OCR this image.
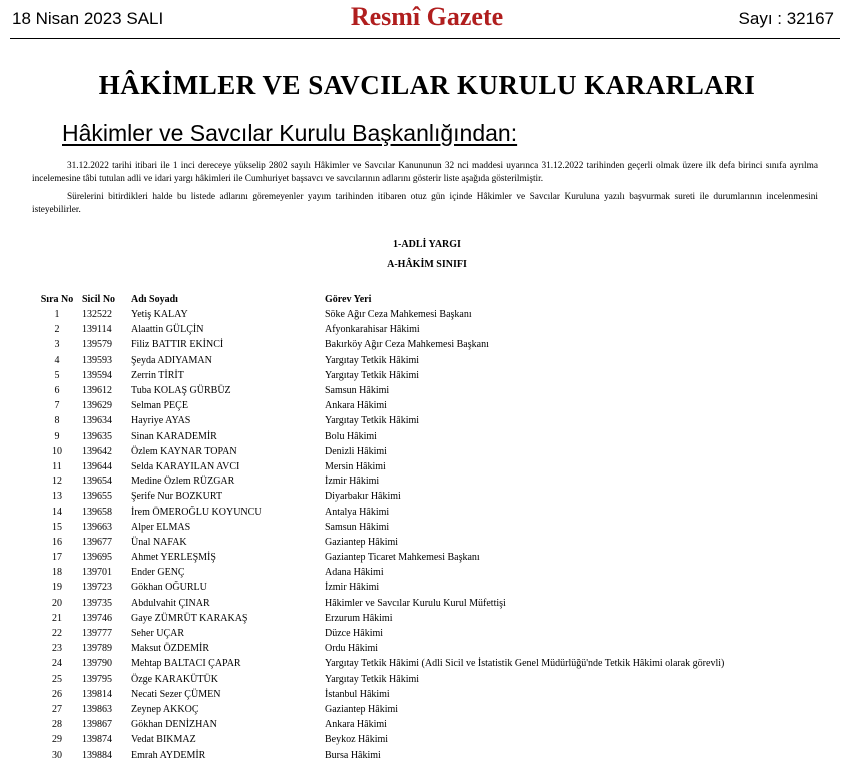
18 Nisan 2023 SALI	Resmî Gazete	Sayı : 32167
HÂKİMLER VE SAVCILAR KURULU KARARLARI
Hâkimler ve Savcılar Kurulu Başkanlığından:
31.12.2022 tarihi itibari ile 1 inci dereceye yükselip 2802 sayılı Hâkimler ve Savcılar Kanununun 32 nci maddesi uyarınca 31.12.2022 tarihinden geçerli olmak üzere ilk defa birinci sınıfa ayrılma incelemesine tâbi tutulan adli ve idari yargı hâkimleri ile Cumhuriyet başsavcı ve savcılarının adlarını gösterir liste aşağıda gösterilmiştir.
Sürelerini bitirdikleri halde bu listede adlarını göremeyenler yayım tarihinden itibaren otuz gün içinde Hâkimler ve Savcılar Kuruluna yazılı başvurmak sureti ile durumlarının incelenmesini isteyebilirler.
1-ADLİ YARGI
A-HÂKİM SINIFI
Sıra No	Sicil No	Adı Soyadı	Görev Yeri
1	132522	Yetiş KALAY	Söke Ağır Ceza Mahkemesi Başkanı
2	139114	Alaattin GÜLÇİN	Afyonkarahisar Hâkimi
3	139579	Filiz BATTIR EKİNCİ	Bakırköy Ağır Ceza Mahkemesi Başkanı
4	139593	Şeyda ADIYAMAN	Yargıtay Tetkik Hâkimi
5	139594	Zerrin TİRİT	Yargıtay Tetkik Hâkimi
6	139612	Tuba KOLAŞ GÜRBÜZ	Samsun Hâkimi
7	139629	Selman PEÇE	Ankara Hâkimi
8	139634	Hayriye AYAS	Yargıtay Tetkik Hâkimi
9	139635	Sinan KARADEMİR	Bolu Hâkimi
10	139642	Özlem KAYNAR TOPAN	Denizli Hâkimi
11	139644	Selda KARAYILAN AVCI	Mersin Hâkimi
12	139654	Medine Özlem RÜZGAR	İzmir Hâkimi
13	139655	Şerife Nur BOZKURT	Diyarbakır Hâkimi
14	139658	İrem ÖMEROĞLU KOYUNCU	Antalya Hâkimi
15	139663	Alper ELMAS	Samsun Hâkimi
16	139677	Ünal NAFAK	Gaziantep Hâkimi
17	139695	Ahmet YERLEŞMİŞ	Gaziantep Ticaret Mahkemesi Başkanı
18	139701	Ender GENÇ	Adana Hâkimi
19	139723	Gökhan OĞURLU	İzmir Hâkimi
20	139735	Abdulvahit ÇINAR	Hâkimler ve Savcılar Kurulu Kurul Müfettişi
21	139746	Gaye ZÜMRÜT KARAKAŞ	Erzurum Hâkimi
22	139777	Seher UÇAR	Düzce Hâkimi
23	139789	Maksut ÖZDEMİR	Ordu Hâkimi
24	139790	Mehtap BALTACI ÇAPAR	Yargıtay Tetkik Hâkimi (Adli Sicil ve İstatistik Genel Müdürlüğü'nde Tetkik Hâkimi olarak görevli)
25	139795	Özge KARAKÜTÜK	Yargıtay Tetkik Hâkimi
26	139814	Necati Sezer ÇÜMEN	İstanbul Hâkimi
27	139863	Zeynep AKKOÇ	Gaziantep Hâkimi
28	139867	Gökhan DENİZHAN	Ankara Hâkimi
29	139874	Vedat BIKMAZ	Beykoz Hâkimi
30	139884	Emrah AYDEMİR	Bursa Hâkimi
